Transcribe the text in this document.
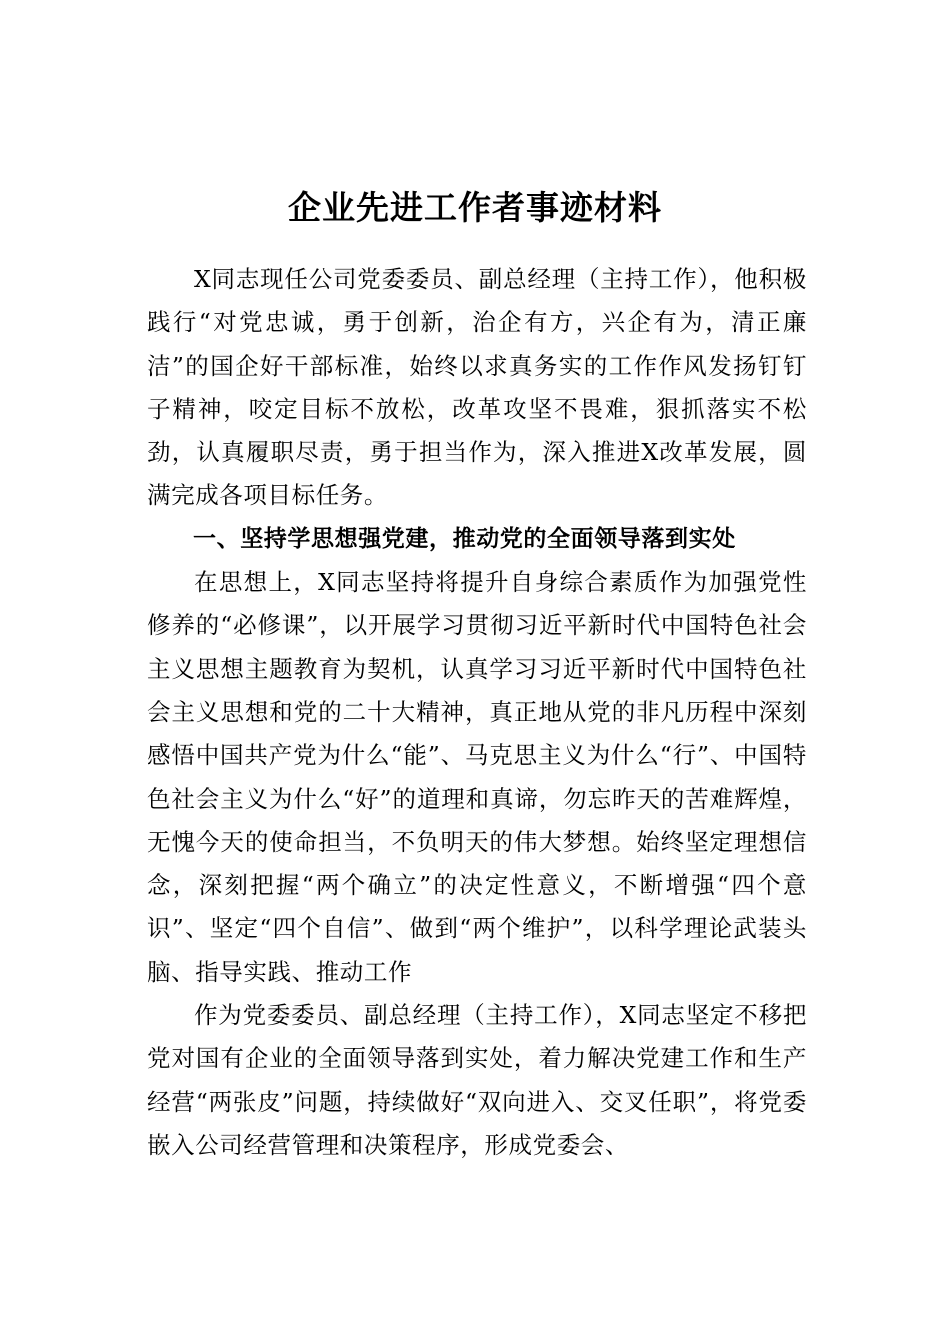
企业先进工作者事迹材料

X同志现任公司党委委员、副总经理（主持工作），他积极践行“对党忠诚，勇于创新，治企有方，兴企有为，清正廉洁”的国企好干部标准，始终以求真务实的工作作风发扬钉钉子精神，咬定目标不放松，改革攻坚不畏难，狠抓落实不松劲，认真履职尽责，勇于担当作为，深入推进X改革发展，圆满完成各项目标任务。

一、坚持学思想强党建，推动党的全面领导落到实处

在思想上，X同志坚持将提升自身综合素质作为加强党性修养的“必修课”，以开展学习贯彻习近平新时代中国特色社会主义思想主题教育为契机，认真学习习近平新时代中国特色社会主义思想和党的二十大精神，真正地从党的非凡历程中深刻感悟中国共产党为什么“能”、马克思主义为什么“行”、中国特色社会主义为什么“好”的道理和真谛，勿忘昨天的苦难辉煌，无愧今天的使命担当，不负明天的伟大梦想。始终坚定理想信念，深刻把握“两个确立”的决定性意义，不断增强“四个意识”、坚定“四个自信”、做到“两个维护”，以科学理论武装头脑、指导实践、推动工作

作为党委委员、副总经理（主持工作），X同志坚定不移把党对国有企业的全面领导落到实处，着力解决党建工作和生产经营“两张皮”问题，持续做好“双向进入、交叉任职”，将党委嵌入公司经营管理和决策程序，形成党委会、
